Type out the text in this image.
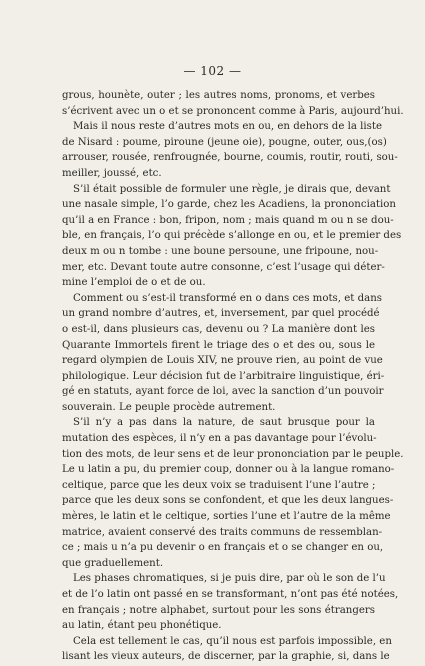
— 102 —
grous, hounète, outer ; les autres noms, pronoms, et verbes
s’écrivent avec un o et se prononcent comme à Paris, aujourd’hui.
Mais il nous reste d’autres mots en ou, en dehors de la liste
de Nisard : poume, piroune (jeune oie), pougne, outer, ous,(os)
arrouser, rousée, renfrougnée, bourne, coumis, routir, routi, sou-
meiller, joussé, etc.
S’il était possible de formuler une règle, je dirais que, devant
une nasale simple, l’o garde, chez les Acadiens, la prononciation
qu’il a en France : bon, fripon, nom ; mais quand m ou n se dou-
ble, en français, l’o qui précède s’allonge en ou, et le premier des
deux m ou n tombe : une boune persoune, une fripoune, nou-
mer, etc. Devant toute autre consonne, c’est l’usage qui déter-
mine l’emploi de o et de ou.
Comment ou s’est-il transformé en o dans ces mots, et dans
un grand nombre d’autres, et, inversement, par quel procédé
o est-il, dans plusieurs cas, devenu ou ? La manière dont les
Quarante Immortels firent le triage des o et des ou, sous le
regard olympien de Louis XIV, ne prouve rien, au point de vue
philologique. Leur décision fut de l’arbitraire linguistique, éri-
gé en statuts, ayant force de loi, avec la sanction d’un pouvoir
souverain. Le peuple procède autrement.
S’il n’y a pas dans la nature, de saut brusque pour la
mutation des espèces, il n’y en a pas davantage pour l’évolu-
tion des mots, de leur sens et de leur prononciation par le peuple.
Le u latin a pu, du premier coup, donner ou à la langue romano-
celtique, parce que les deux voix se traduisent l’une l’autre ;
parce que les deux sons se confondent, et que les deux langues-
mères, le latin et le celtique, sorties l’une et l’autre de la même
matrice, avaient conservé des traits communs de ressemblan-
ce ; mais u n’a pu devenir o en français et o se changer en ou,
que graduellement.
Les phases chromatiques, si je puis dire, par où le son de l’u
et de l’o latin ont passé en se transformant, n’ont pas été notées,
en français ; notre alphabet, surtout pour les sons étrangers
au latin, étant peu phonétique.
Cela est tellement le cas, qu’il nous est parfois impossible, en
lisant les vieux auteurs, de discerner, par la graphie, si, dans le
